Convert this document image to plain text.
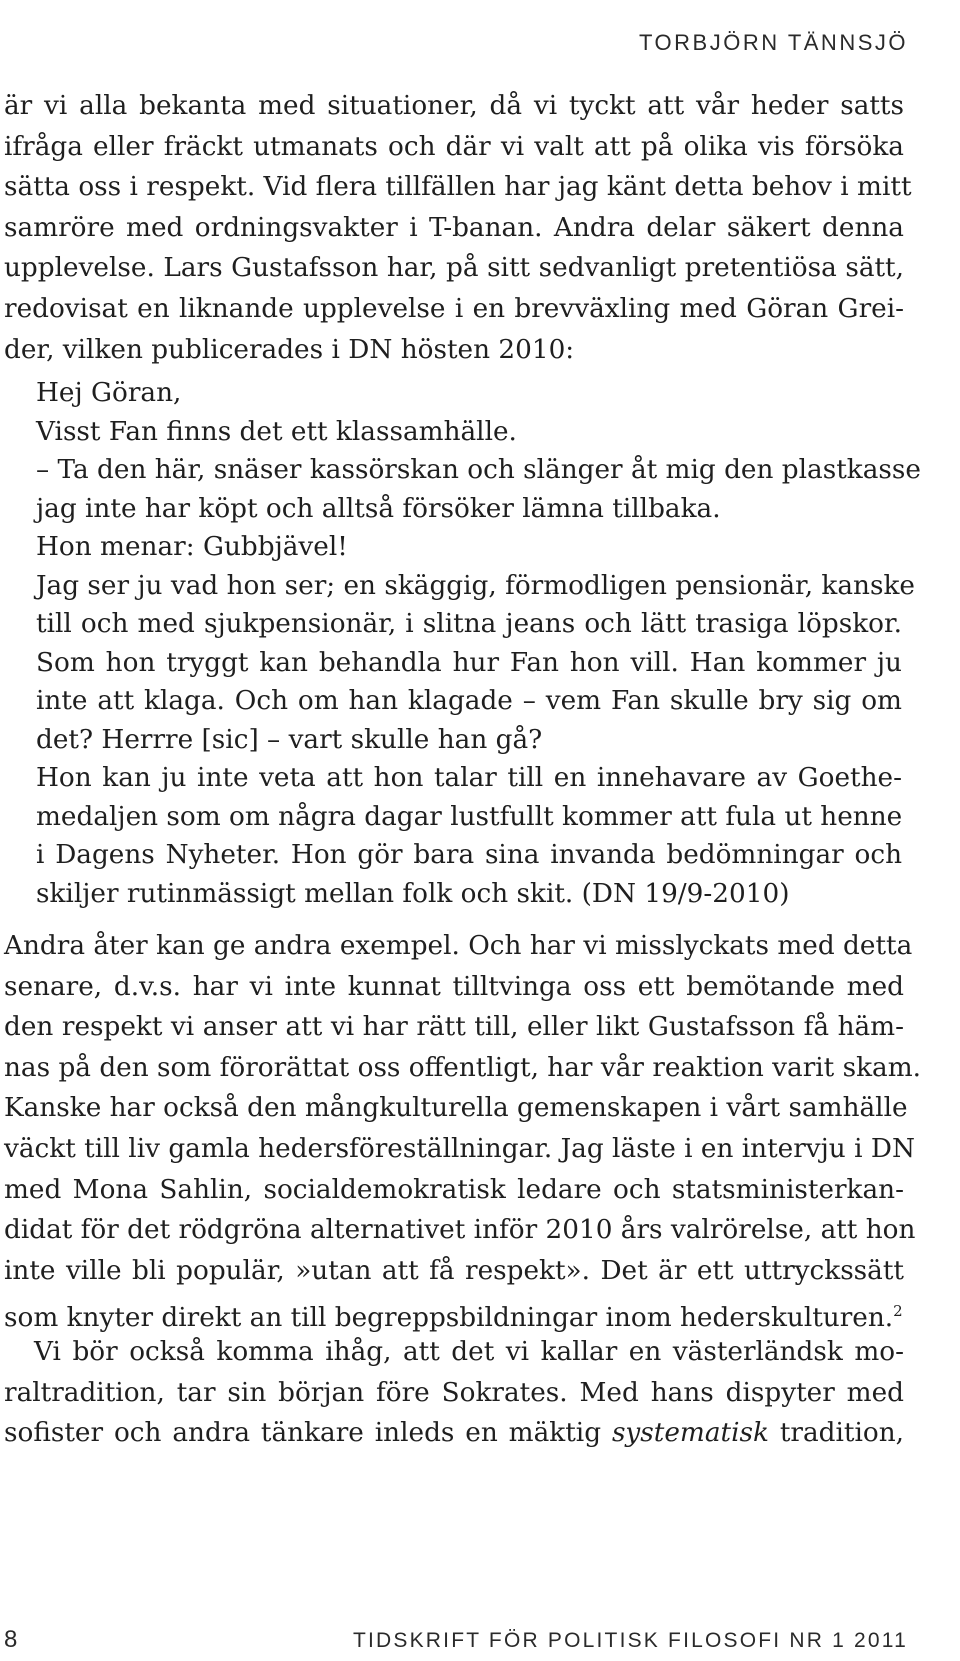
TORBJÖRN TÄNNSJÖ
är vi alla bekanta med situationer, då vi tyckt att vår heder satts
ifråga eller fräckt utmanats och där vi valt att på olika vis försöka
sätta oss i respekt. Vid flera tillfällen har jag känt detta behov i mitt
samröre med ordningsvakter i T-banan. Andra delar säkert denna
upplevelse. Lars Gustafsson har, på sitt sedvanligt pretentiösa sätt,
redovisat en liknande upplevelse i en brevväxling med Göran Grei-
der, vilken publicerades i DN hösten 2010:
Hej Göran,
Visst Fan finns det ett klassamhälle.
– Ta den här, snäser kassörskan och slänger åt mig den plastkasse
jag inte har köpt och alltså försöker lämna tillbaka.
Hon menar: Gubbjävel!
Jag ser ju vad hon ser; en skäggig, förmodligen pensionär, kanske
till och med sjukpensionär, i slitna jeans och lätt trasiga löpskor.
Som hon tryggt kan behandla hur Fan hon vill. Han kommer ju
inte att klaga. Och om han klagade – vem Fan skulle bry sig om
det? Herrre [sic] – vart skulle han gå?
Hon kan ju inte veta att hon talar till en innehavare av Goethe-
medaljen som om några dagar lustfullt kommer att fula ut henne
i Dagens Nyheter. Hon gör bara sina invanda bedömningar och
skiljer rutinmässigt mellan folk och skit. (DN 19/9-2010)
Andra åter kan ge andra exempel. Och har vi misslyckats med detta
senare, d.v.s. har vi inte kunnat tilltvinga oss ett bemötande med
den respekt vi anser att vi har rätt till, eller likt Gustafsson få häm-
nas på den som förorättat oss offentligt, har vår reaktion varit skam.
Kanske har också den mångkulturella gemenskapen i vårt samhälle
väckt till liv gamla hedersföreställningar. Jag läste i en intervju i DN
med Mona Sahlin, socialdemokratisk ledare och statsministerkan-
didat för det rödgröna alternativet inför 2010 års valrörelse, att hon
inte ville bli populär, »utan att få respekt». Det är ett uttryckssätt
som knyter direkt an till begreppsbildningar inom hederskulturen.$^2$
Vi bör också komma ihåg, att det vi kallar en västerländsk mo-
raltradition, tar sin början före Sokrates. Med hans dispyter med
sofister och andra tänkare inleds en mäktig systematisk tradition,
8	TIDSKRIFT FÖR POLITISK FILOSOFI NR 1 2011
